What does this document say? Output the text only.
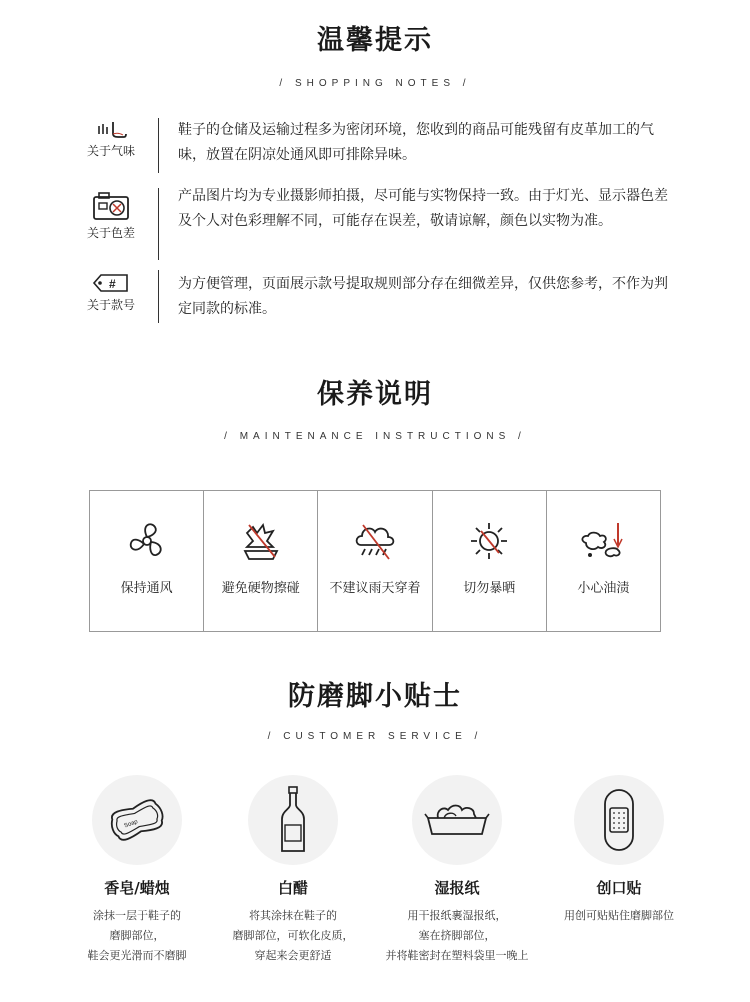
温馨提示
/ SHOPPING NOTES /
关于气味
鞋子的仓储及运输过程多为密闭环境，您收到的商品可能残留有皮革加工的气味，放置在阴凉处通风即可排除异味。
关于色差
产品图片均为专业摄影师拍摄，尽可能与实物保持一致。由于灯光、显示器色差及个人对色彩理解不同，可能存在误差，敬请谅解，颜色以实物为准。
#
关于款号
为方便管理，页面展示款号提取规则部分存在细微差异，仅供您参考，不作为判定同款的标准。
保养说明
/ MAINTENANCE INSTRUCTIONS /
保持通风	避免硬物擦碰 不建议雨天穿着	切勿暴晒	小心油渍
防磨脚小贴士
/ CUSTOMER SERVICE /
Soap
香皂/蜡烛
涂抹一层于鞋子的
磨脚部位，
鞋会更光滑而不磨脚
白醋
将其涂抹在鞋子的
磨脚部位，可软化皮质，
穿起来会更舒适
湿报纸
用干报纸裹湿报纸，
塞在挤脚部位，
并将鞋密封在塑料袋里一晚上
创口贴
用创可贴贴住磨脚部位
